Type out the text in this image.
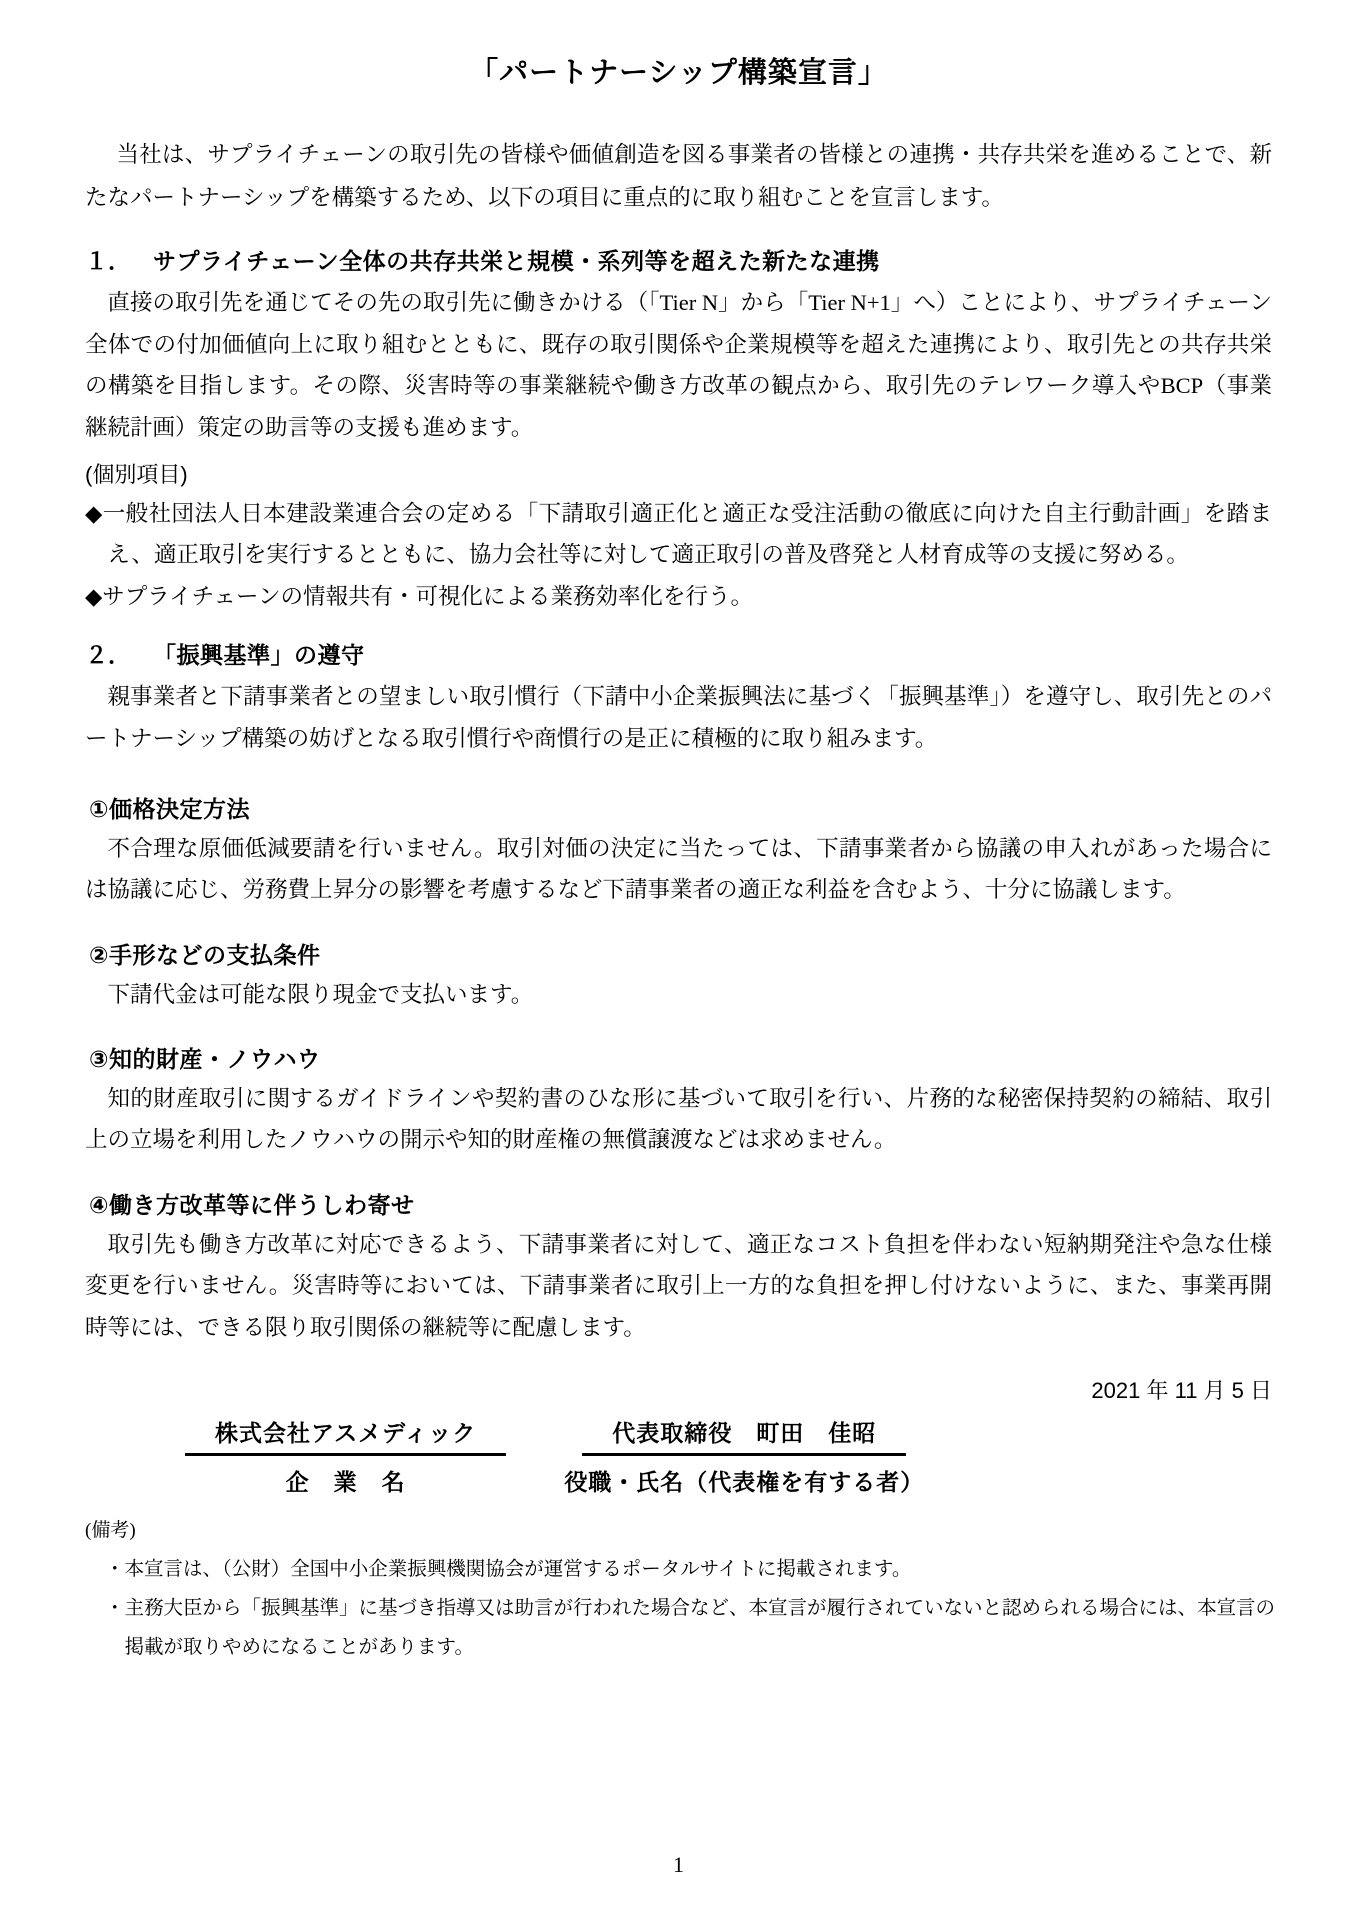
「パートナーシップ構築宣言」

当社は、サプライチェーンの取引先の皆様や価値創造を図る事業者の皆様との連携・共存共栄を進めることで、新たなパートナーシップを構築するため、以下の項目に重点的に取り組むことを宣言します。

１． サプライチェーン全体の共存共栄と規模・系列等を超えた新たな連携

直接の取引先を通じてその先の取引先に働きかける（「Tier N」から「Tier N+1」へ）ことにより、サプライチェーン全体での付加価値向上に取り組むとともに、既存の取引関係や企業規模等を超えた連携により、取引先との共存共栄の構築を目指します。その際、災害時等の事業継続や働き方改革の観点から、取引先のテレワーク導入やBCP（事業継続計画）策定の助言等の支援も進めます。

(個別項目)

◆一般社団法人日本建設業連合会の定める「下請取引適正化と適正な受注活動の徹底に向けた自主行動計画」を踏まえ、適正取引を実行するとともに、協力会社等に対して適正取引の普及啓発と人材育成等の支援に努める。
◆サプライチェーンの情報共有・可視化による業務効率化を行う。
２． 「振興基準」の遵守

親事業者と下請事業者との望ましい取引慣行（下請中小企業振興法に基づく「振興基準」）を遵守し、取引先とのパートナーシップ構築の妨げとなる取引慣行や商慣行の是正に積極的に取り組みます。

①価格決定方法

不合理な原価低減要請を行いません。取引対価の決定に当たっては、下請事業者から協議の申入れがあった場合には協議に応じ、労務費上昇分の影響を考慮するなど下請事業者の適正な利益を含むよう、十分に協議します。

②手形などの支払条件

下請代金は可能な限り現金で支払います。

③知的財産・ノウハウ

知的財産取引に関するガイドラインや契約書のひな形に基づいて取引を行い、片務的な秘密保持契約の締結、取引上の立場を利用したノウハウの開示や知的財産権の無償譲渡などは求めません。

④働き方改革等に伴うしわ寄せ

取引先も働き方改革に対応できるよう、下請事業者に対して、適正なコスト負担を伴わない短納期発注や急な仕様変更を行いません。災害時等においては、下請事業者に取引上一方的な負担を押し付けないように、また、事業再開時等には、できる限り取引関係の継続等に配慮します。

2021 年 11 月 5 日

株式会社アスメディック
企　業　名
代表取締役　町田　佳昭
役職・氏名（代表権を有する者）

(備考)

・本宣言は、（公財）全国中小企業振興機関協会が運営するポータルサイトに掲載されます。
・主務大臣から「振興基準」に基づき指導又は助言が行われた場合など、本宣言が履行されていないと認められる場合には、本宣言の掲載が取りやめになることがあります。
1
